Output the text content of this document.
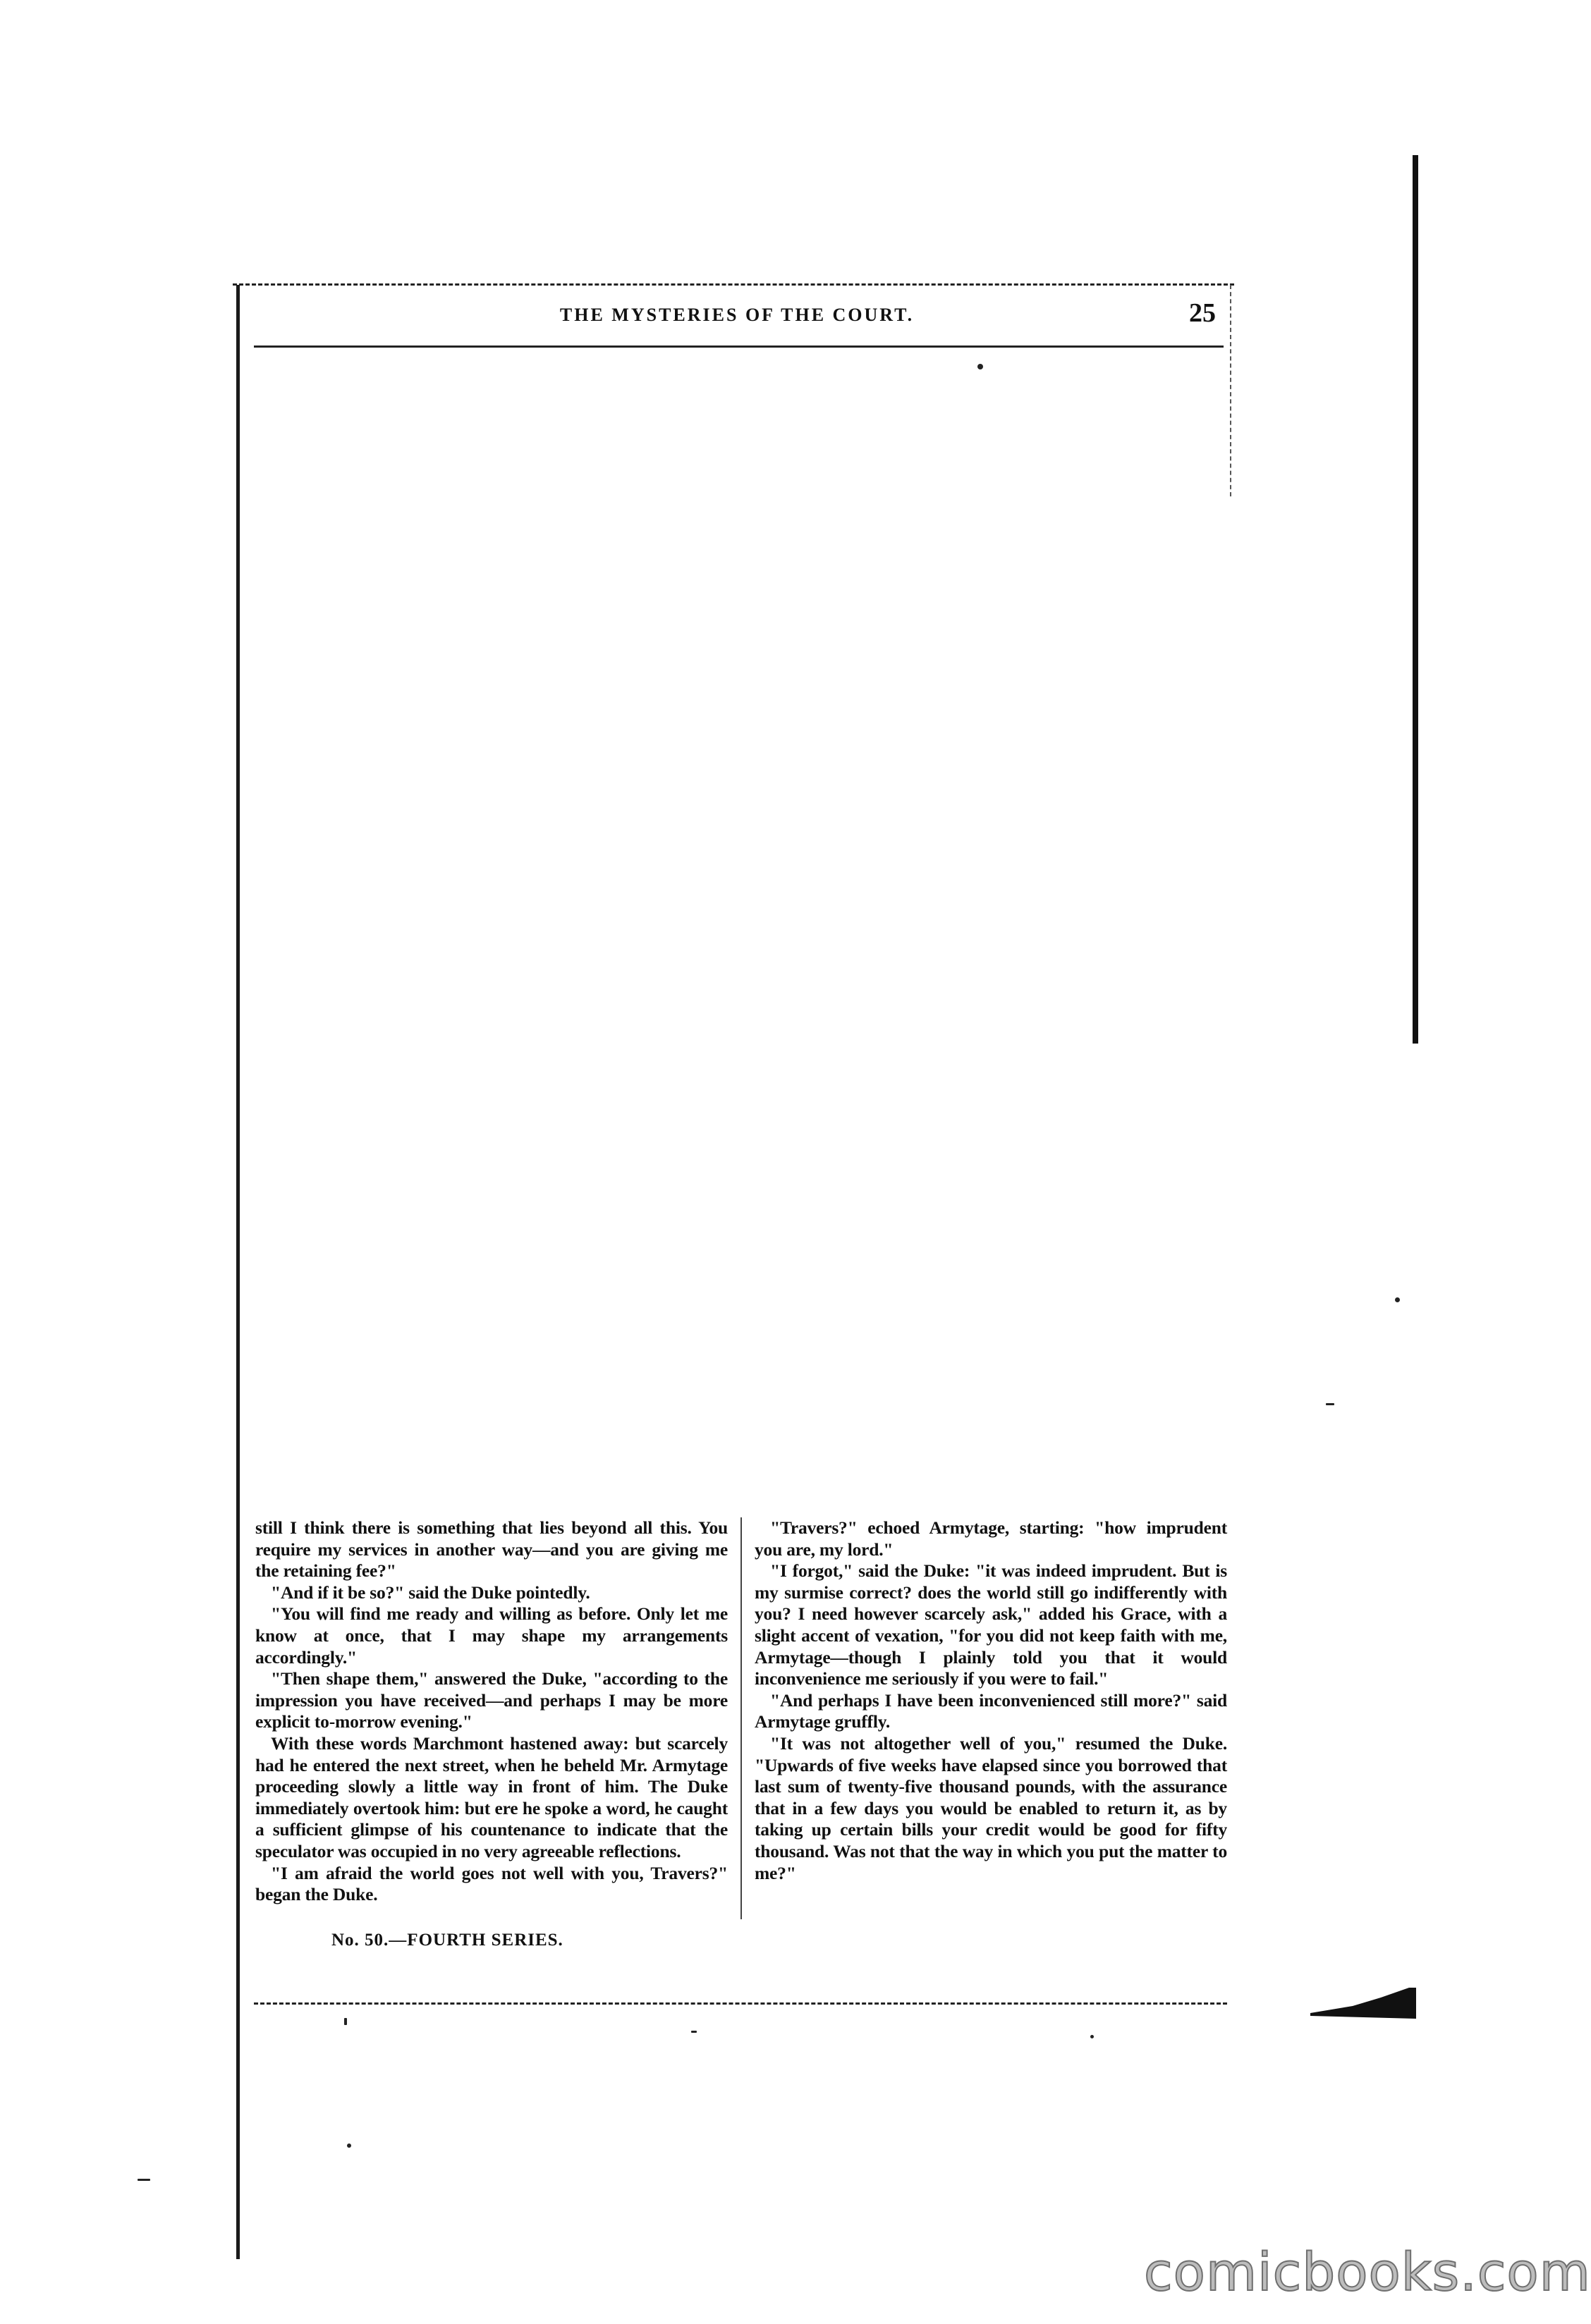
THE MYSTERIES OF THE COURT.	25

still I think there is something that lies beyond all this. You require my services in another way—and you are giving me the retaining fee?"

"And if it be so?" said the Duke pointedly.

"You will find me ready and willing as before. Only let me know at once, that I may shape my arrangements accordingly."

"Then shape them," answered the Duke, "according to the impression you have received—and perhaps I may be more explicit to-morrow evening."

With these words Marchmont hastened away: but scarcely had he entered the next street, when he beheld Mr. Armytage proceeding slowly a little way in front of him. The Duke immediately overtook him: but ere he spoke a word, he caught a sufficient glimpse of his countenance to indicate that the speculator was occupied in no very agreeable reflections.

"I am afraid the world goes not well with you, Travers?" began the Duke.

"Travers?" echoed Armytage, starting: "how imprudent you are, my lord."

"I forgot," said the Duke: "it was indeed imprudent. But is my surmise correct? does the world still go indifferently with you? I need however scarcely ask," added his Grace, with a slight accent of vexation, "for you did not keep faith with me, Armytage—though I plainly told you that it would inconvenience me seriously if you were to fail."

"And perhaps I have been inconvenienced still more?" said Armytage gruffly.

"It was not altogether well of you," resumed the Duke. "Upwards of five weeks have elapsed since you borrowed that last sum of twenty-five thousand pounds, with the assurance that in a few days you would be enabled to return it, as by taking up certain bills your credit would be good for fifty thousand. Was not that the way in which you put the matter to me?"

No. 50.—FOURTH SERIES.
comicbooks.com
